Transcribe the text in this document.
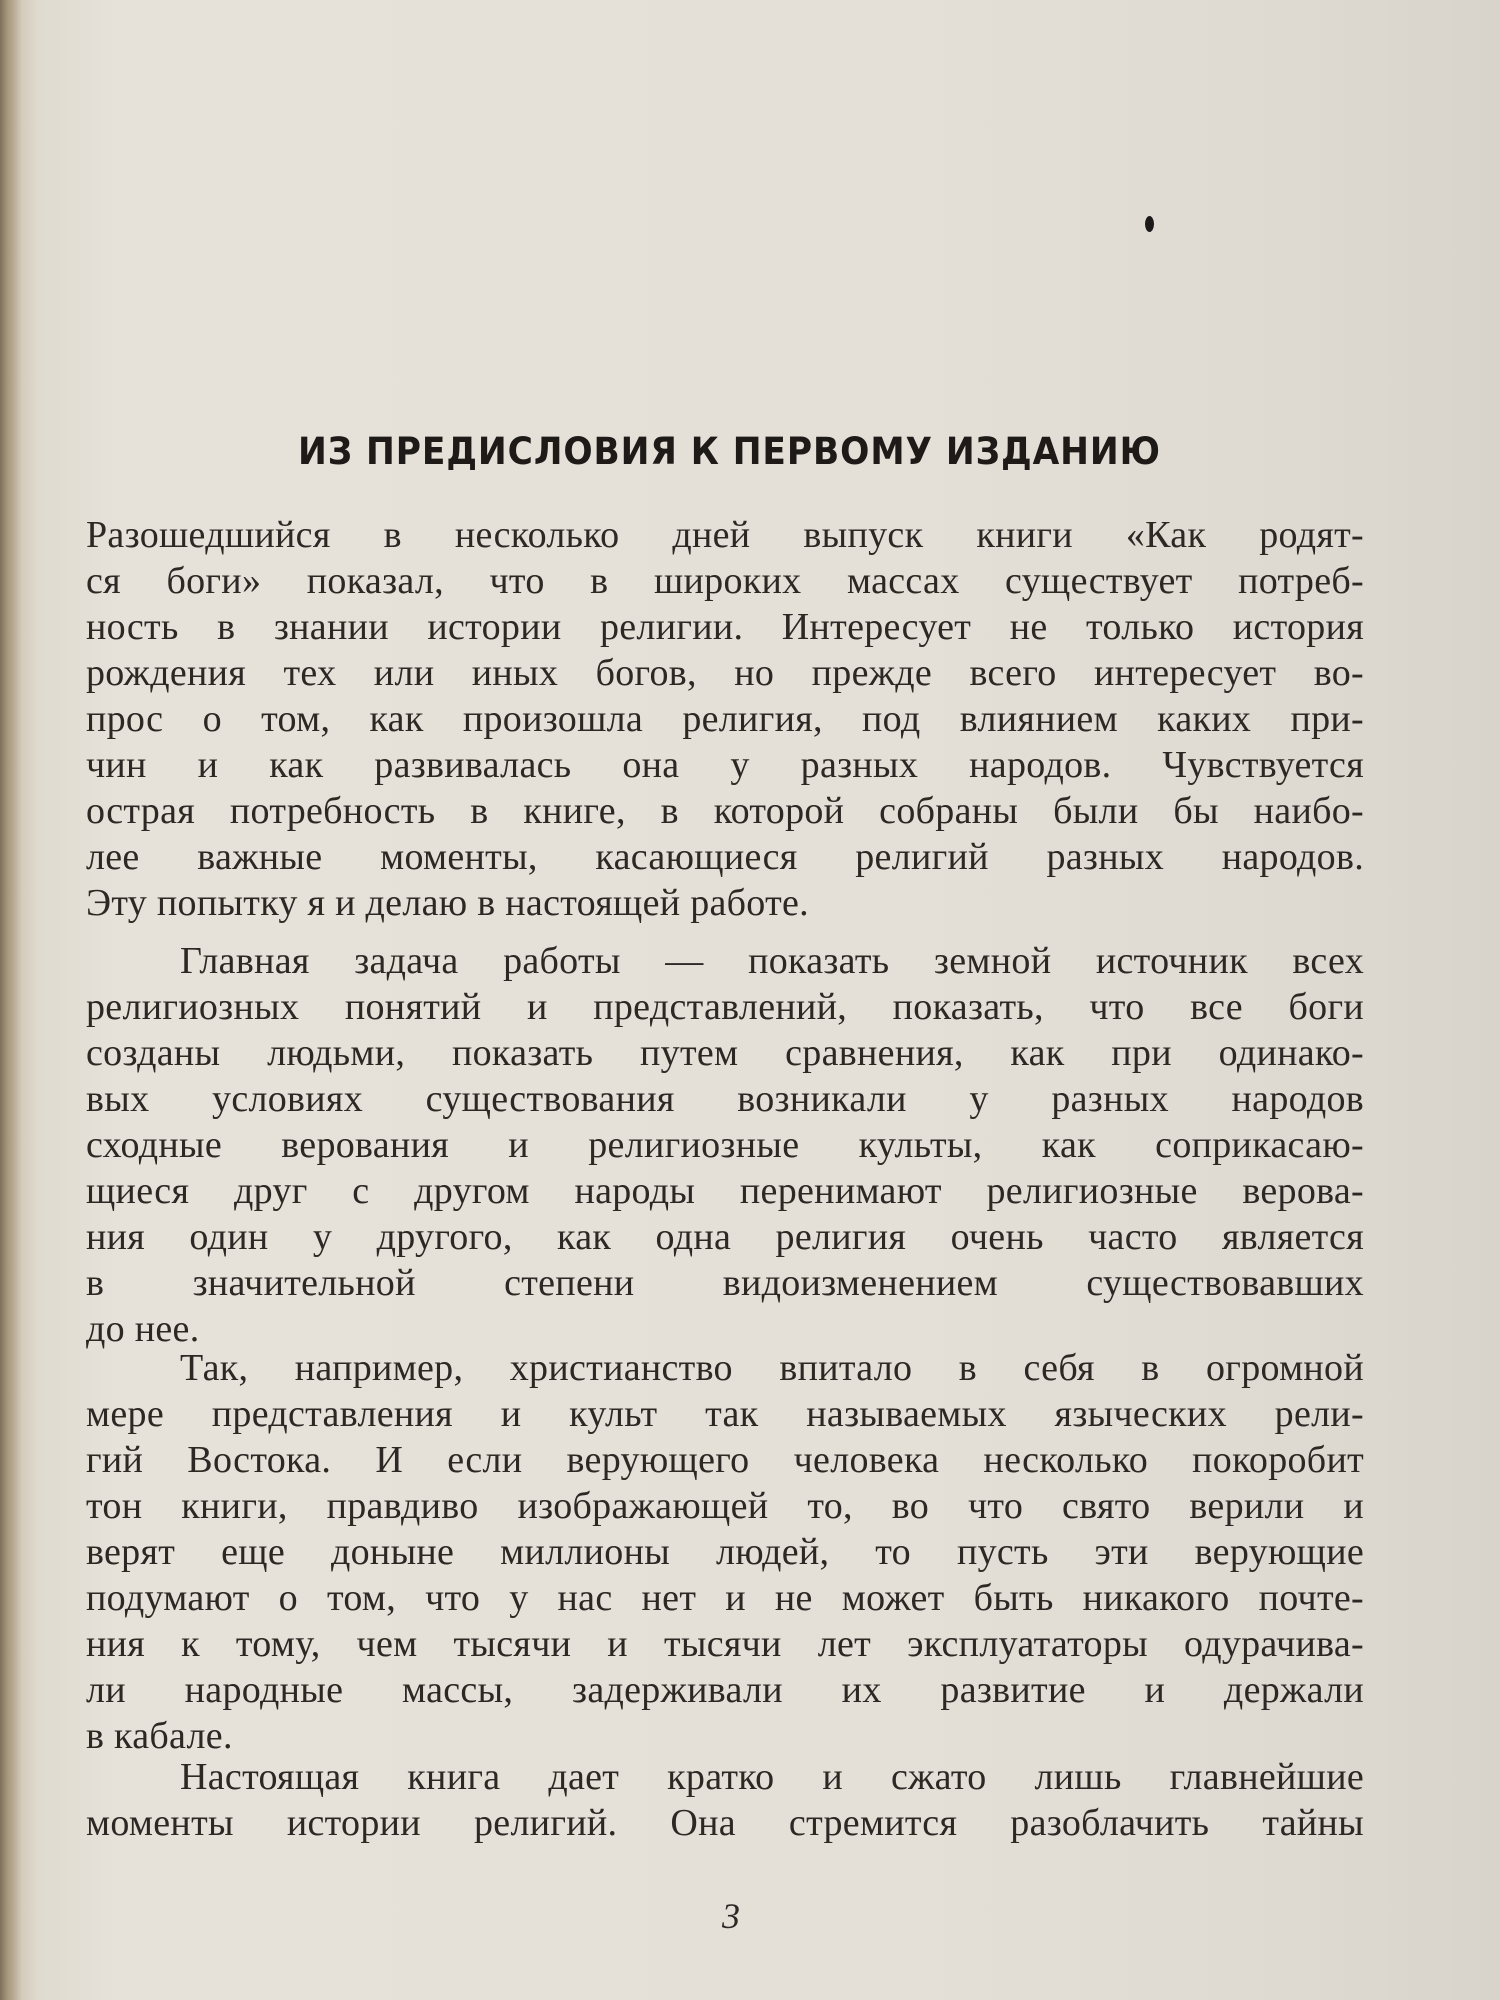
ИЗ ПРЕДИСЛОВИЯ К ПЕРВОМУ ИЗДАНИЮ
Разошедшийся в несколько дней выпуск книги «Как родят-
ся боги» показал, что в широких массах существует потреб-
ность в знании истории религии. Интересует не только история
рождения тех или иных богов, но прежде всего интересует во-
прос о том, как произошла религия, под влиянием каких при-
чин и как развивалась она у разных народов. Чувствуется
острая потребность в книге, в которой собраны были бы наибо-
лее важные моменты, касающиеся религий разных народов.
Эту попытку я и делаю в настоящей работе.
Главная задача работы — показать земной источник всех
религиозных понятий и представлений, показать, что все боги
созданы людьми, показать путем сравнения, как при одинако-
вых условиях существования возникали у разных народов
сходные верования и религиозные культы, как соприкасаю-
щиеся друг с другом народы перенимают религиозные верова-
ния один у другого, как одна религия очень часто является
в значительной степени видоизменением существовавших
до нее.
Так, например, христианство впитало в себя в огромной
мере представления и культ так называемых языческих рели-
гий Востока. И если верующего человека несколько покоробит
тон книги, правдиво изображающей то, во что свято верили и
верят еще доныне миллионы людей, то пусть эти верующие
подумают о том, что у нас нет и не может быть никакого почте-
ния к тому, чем тысячи и тысячи лет эксплуататоры одурачива-
ли народные массы, задерживали их развитие и держали
в кабале.
Настоящая книга дает кратко и сжато лишь главнейшие
моменты истории религий. Она стремится разоблачить тайны
3
